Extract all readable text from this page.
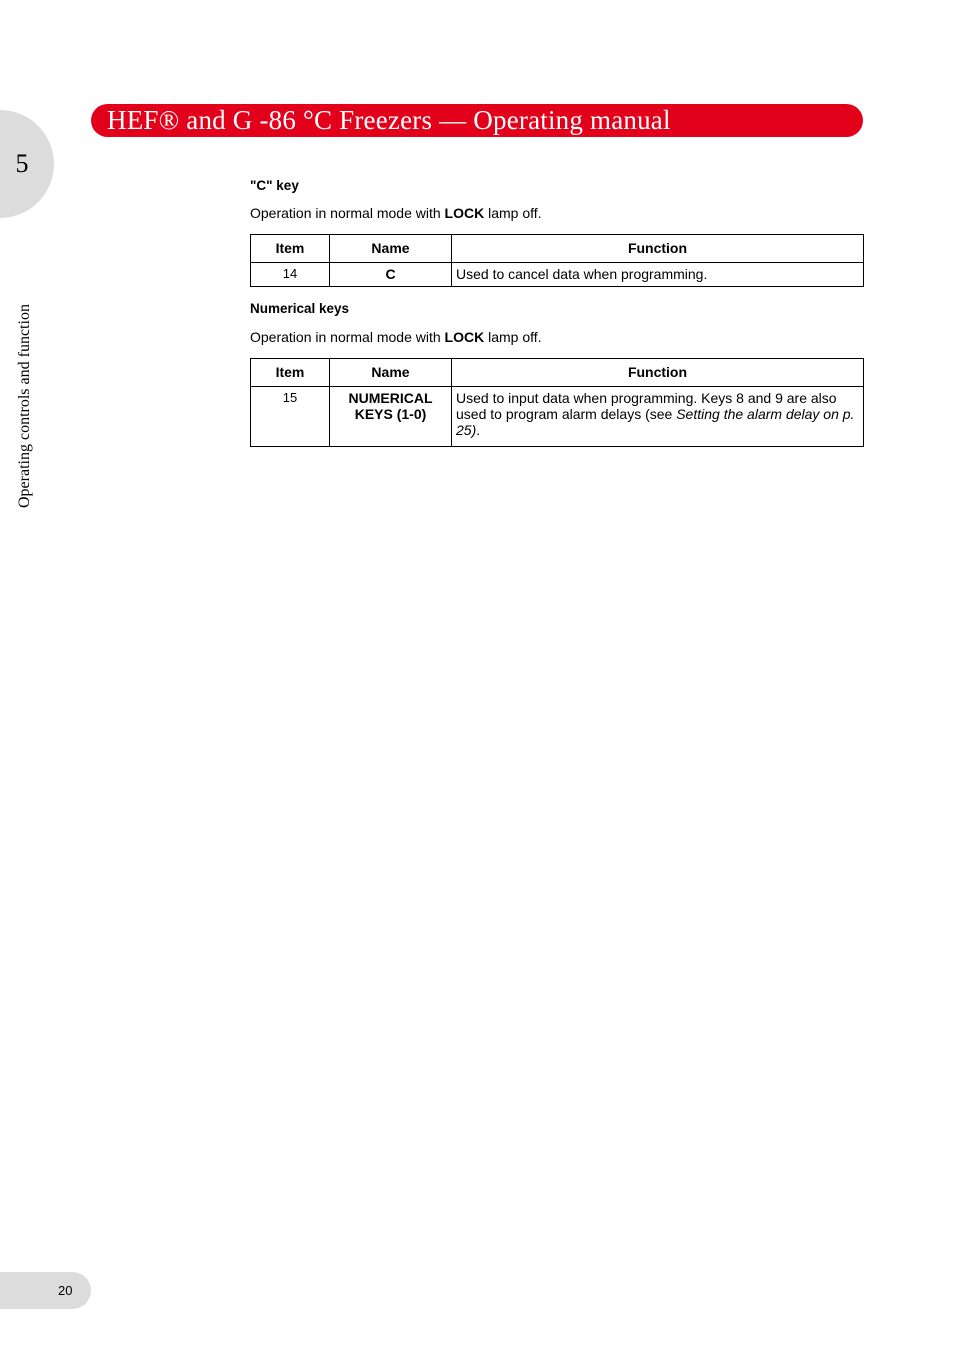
HEF® and G -86 °C Freezers — Operating manual
5
Operating controls and function
"C" key
Operation in normal mode with LOCK lamp off.
Item	Name	Function
14	C	Used to cancel data when programming.
Numerical keys
Operation in normal mode with LOCK lamp off.
Item	Name	Function
15	NUMERICAL KEYS (1-0)	Used to input data when programming. Keys 8 and 9 are also used to program alarm delays (see Setting the alarm delay on p. 25).
20
